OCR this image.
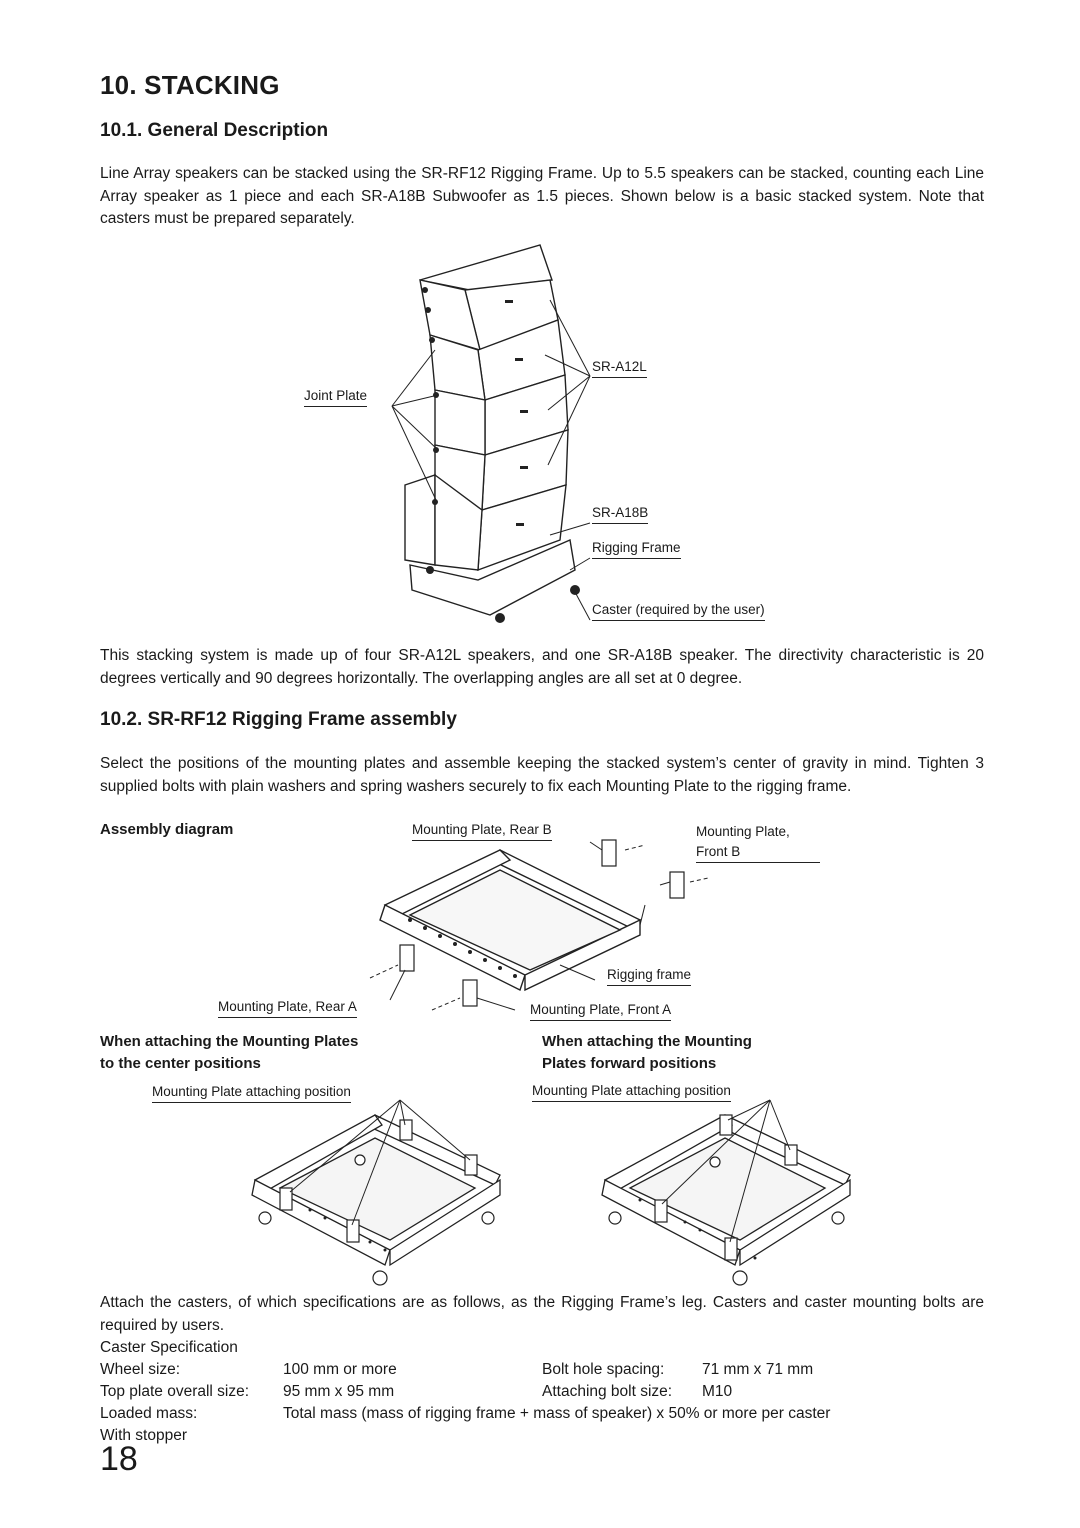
10. STACKING
10.1. General Description

Line Array speakers can be stacked using the SR-RF12 Rigging Frame. Up to 5.5 speakers can be stacked, counting each Line Array speaker as 1 piece and each SR-A18B Subwoofer as 1.5 pieces. Shown below is a basic stacked system. Note that casters must be prepared separately.

Joint Plate
SR-A12L
SR-A18B
Rigging Frame
Caster (required by the user)

This stacking system is made up of four SR-A12L speakers, and one SR-A18B speaker. The directivity characteristic is 20 degrees vertically and 90 degrees horizontally. The overlapping angles are all set at 0 degree.

10.2. SR-RF12 Rigging Frame assembly

Select the positions of the mounting plates and assemble keeping the stacked system’s center of gravity in mind. Tighten 3 supplied bolts with plain washers and spring washers securely to fix each Mounting Plate to the rigging frame.

Assembly diagram	Mounting Plate, Rear B	Mounting Plate,
Front B
Rigging frame
Mounting Plate, Rear A	Mounting Plate, Front A
When attaching the Mounting Plates
to the center positions
When attaching the Mounting
Plates forward positions
Mounting Plate attaching position	Mounting Plate attaching position

Attach the casters, of which specifications are as follows, as the Rigging Frame’s leg. Casters and caster mounting bolts are required by users.

Caster Specification
Wheel size:	100 mm or more	Bolt hole spacing: 71 mm x 71 mm
Top plate overall size: 95 mm x 95 mm	Attaching bolt size: M10
Loaded mass:	Total mass (mass of rigging frame + mass of speaker) x 50% or more per caster
With stopper
18
